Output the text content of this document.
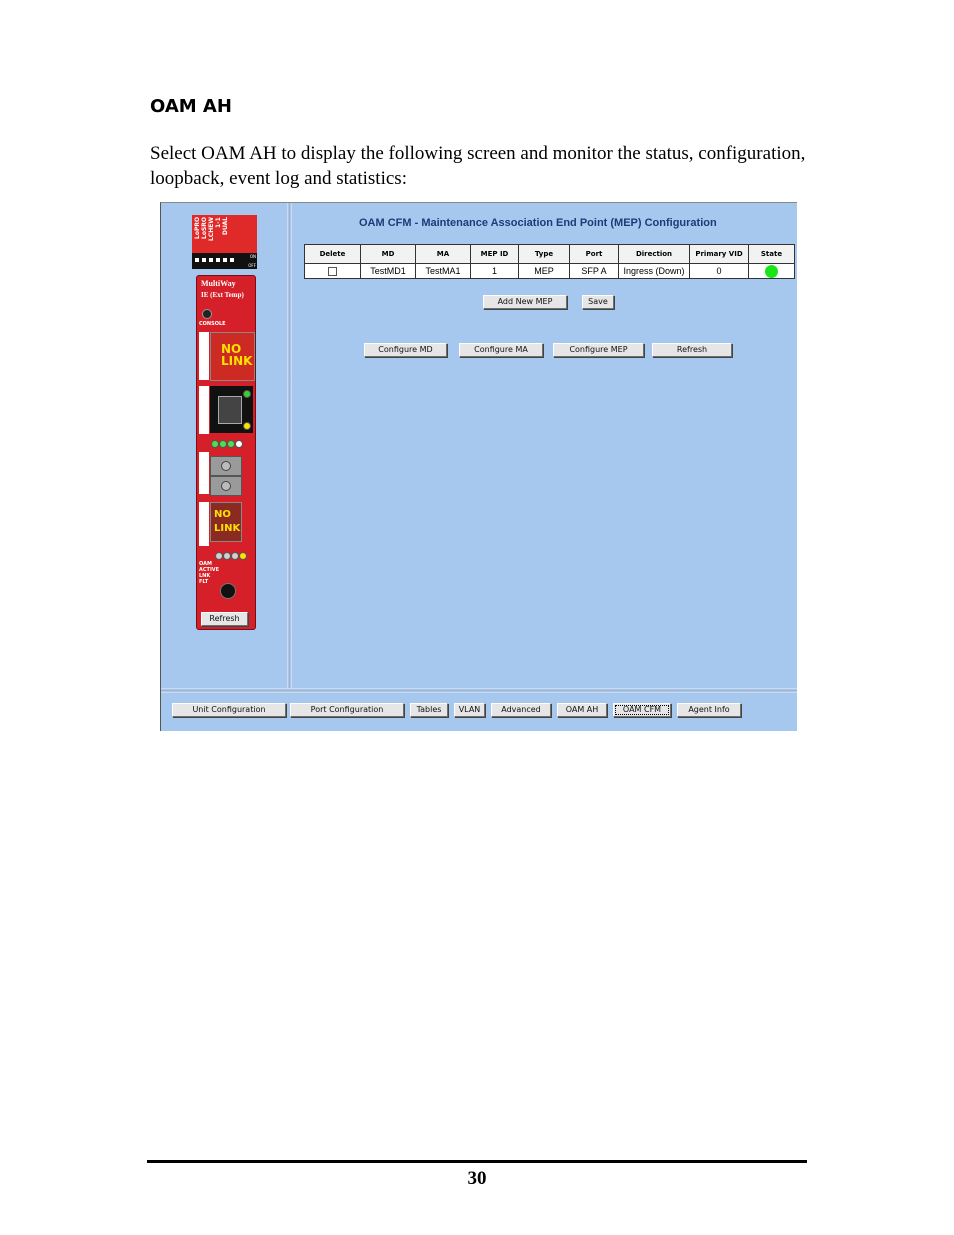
OAM AH
Select OAM AH to display the following screen and monitor the status, configuration, loopback, event log and statistics:
LoPRO
LoSRO
LCHEW
1-1
DUAL
ON
OFF
MultiWay
IE (Ext Temp)
CONSOLE
NO
LINK
NO
LINK
OAM
ACTIVE
LNK
FLT
Refresh
OAM CFM - Maintenance Association End Point (MEP) Configuration
Delete	MD	MA	MEP ID	Type	Port	Direction	Primary VID	State
	TestMD1	TestMA1	1	MEP	SFP A	Ingress (Down)	0	
Add New MEP	Save
Configure MD	Configure MA	Configure MEP	Refresh
Unit Configuration	Port Configuration	Tables	VLAN	Advanced	OAM AH	OAM CFM	Agent Info
30
